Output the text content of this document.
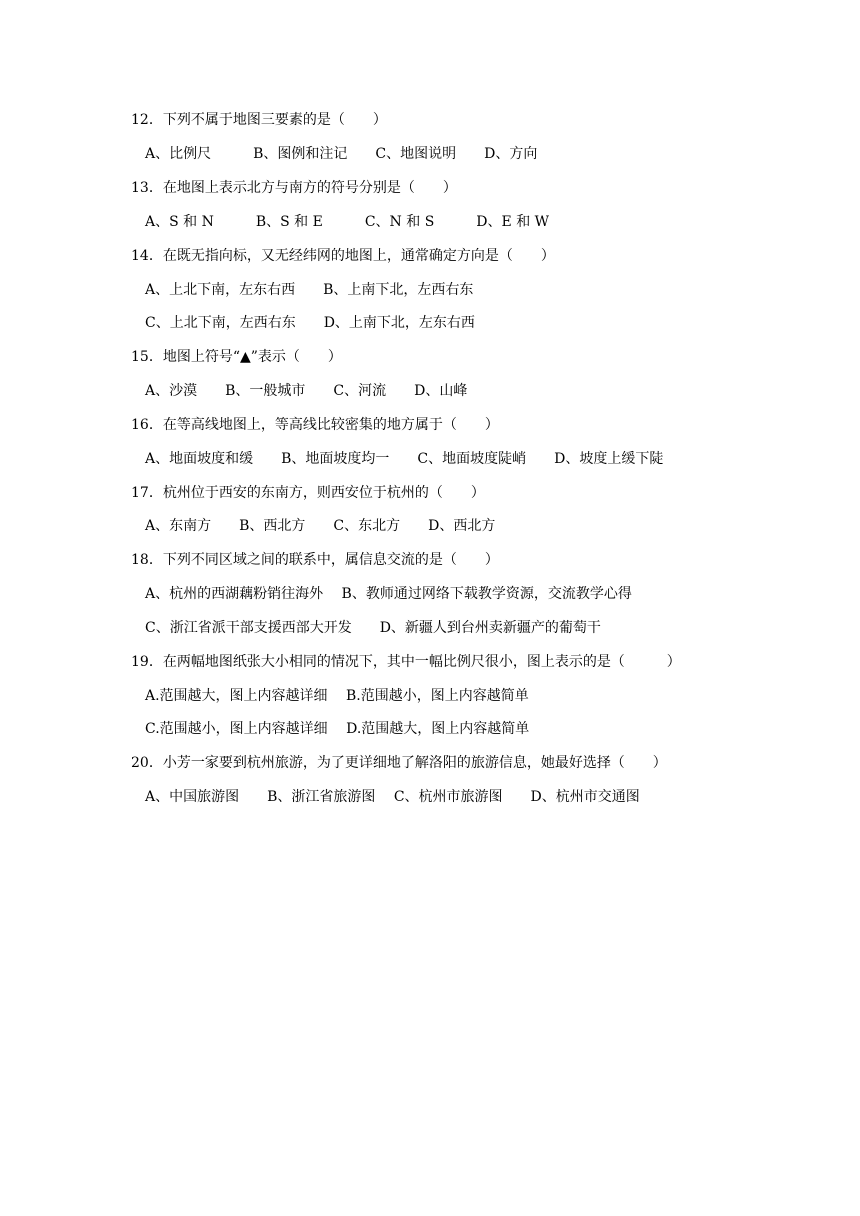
12．下列不属于地图三要素的是（　　）
A、比例尺　　　B、图例和注记　　C、地图说明　　D、方向
13．在地图上表示北方与南方的符号分别是（　　）
A、S 和 N　　　B、S 和 E　　　C、N 和 S　　　D、E 和 W
14．在既无指向标，又无经纬网的地图上，通常确定方向是（　　）
A、上北下南，左东右西　　B、上南下北，左西右东
C、上北下南，左西右东　　D、上南下北，左东右西
15．地图上符号“▲”表示（　　）
A、沙漠　　B、一般城市　　C、河流　　D、山峰
16．在等高线地图上，等高线比较密集的地方属于（　　）
A、地面坡度和缓　　B、地面坡度均一　　C、地面坡度陡峭　　D、坡度上缓下陡
17．杭州位于西安的东南方，则西安位于杭州的（　　）
A、东南方　　B、西北方　　C、东北方　　D、西北方
18．下列不同区域之间的联系中，属信息交流的是（　　）
A、杭州的西湖藕粉销往海外　 B、教师通过网络下载教学资源，交流教学心得
C、浙江省派干部支援西部大开发　　D、新疆人到台州卖新疆产的葡萄干
19．在两幅地图纸张大小相同的情况下，其中一幅比例尺很小，图上表示的是（　　　）
A.范围越大，图上内容越详细　 B.范围越小，图上内容越简单
C.范围越小，图上内容越详细　 D.范围越大，图上内容越简单
20．小芳一家要到杭州旅游，为了更详细地了解洛阳的旅游信息，她最好选择（　　）
A、中国旅游图　　B、浙江省旅游图　 C、杭州市旅游图　　D、杭州市交通图
